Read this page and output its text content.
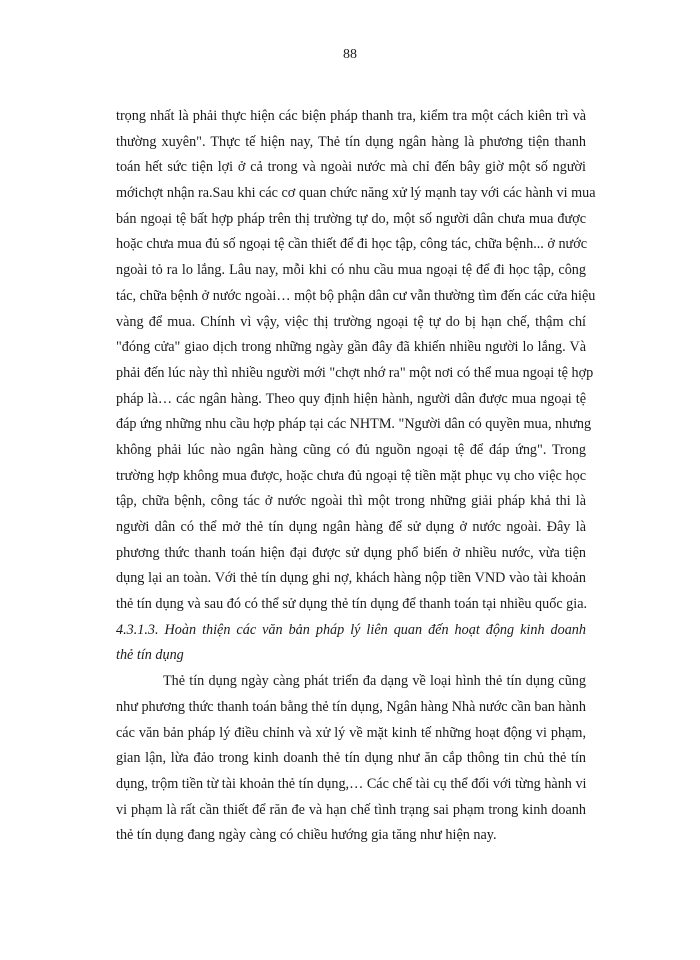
88
trọng nhất là phải thực hiện các biện pháp thanh tra, kiểm tra một cách kiên trì và
thường xuyên". Thực tế hiện nay, Thẻ tín dụng ngân hàng là phương tiện thanh
toán hết sức tiện lợi ở cả trong và ngoài nước mà chỉ đến bây giờ một số người
mớichợt nhận ra.Sau khi các cơ quan chức năng xử lý mạnh tay với các hành vi mua
bán ngoại tệ bất hợp pháp trên thị trường tự do, một số người dân chưa mua được
hoặc chưa mua đủ số ngoại tệ cần thiết để đi học tập, công tác, chữa bệnh... ở nước
ngoài tỏ ra lo lắng. Lâu nay, mỗi khi có nhu cầu mua ngoại tệ để đi học tập, công
tác, chữa bệnh ở nước ngoài… một bộ phận dân cư vẫn thường tìm đến các cửa hiệu
vàng để mua. Chính vì vậy, việc thị trường ngoại tệ tự do bị hạn chế, thậm chí
"đóng cửa" giao dịch trong những ngày gần đây đã khiến nhiều người lo lắng. Và
phải đến lúc này thì nhiều người mới "chợt nhớ ra" một nơi có thể mua ngoại tệ hợp
pháp là… các ngân hàng. Theo quy định hiện hành, người dân được mua ngoại tệ
đáp ứng những nhu cầu hợp pháp tại các NHTM. "Người dân có quyền mua, nhưng
không phải lúc nào ngân hàng cũng có đủ nguồn ngoại tệ để đáp ứng". Trong
trường hợp không mua được, hoặc chưa đủ ngoại tệ tiền mặt phục vụ cho việc học
tập, chữa bệnh, công tác ở nước ngoài thì một trong những giải pháp khả thi là
người dân có thể mở thẻ tín dụng ngân hàng để sử dụng ở nước ngoài. Đây là
phương thức thanh toán hiện đại được sử dụng phổ biến ở nhiều nước, vừa tiện
dụng lại an toàn. Với thẻ tín dụng ghi nợ, khách hàng nộp tiền VND vào tài khoản
thẻ tín dụng và sau đó có thể sử dụng thẻ tín dụng để thanh toán tại nhiều quốc gia.
4.3.1.3. Hoàn thiện các văn bản pháp lý liên quan đến hoạt động kinh doanh
thẻ tín dụng
Thẻ tín dụng ngày càng phát triển đa dạng về loại hình thẻ tín dụng cũng
như phương thức thanh toán bằng thẻ tín dụng, Ngân hàng Nhà nước cần ban hành
các văn bản pháp lý điều chỉnh và xử lý về mặt kinh tế những hoạt động vi phạm,
gian lận, lừa đảo trong kinh doanh thẻ tín dụng như ăn cắp thông tin chủ thẻ tín
dụng, trộm tiền từ tài khoản thẻ tín dụng,… Các chế tài cụ thể đối với từng hành vi
vi phạm là rất cần thiết để răn đe và hạn chế tình trạng sai phạm trong kinh doanh
thẻ tín dụng đang ngày càng có chiều hướng gia tăng như hiện nay.
